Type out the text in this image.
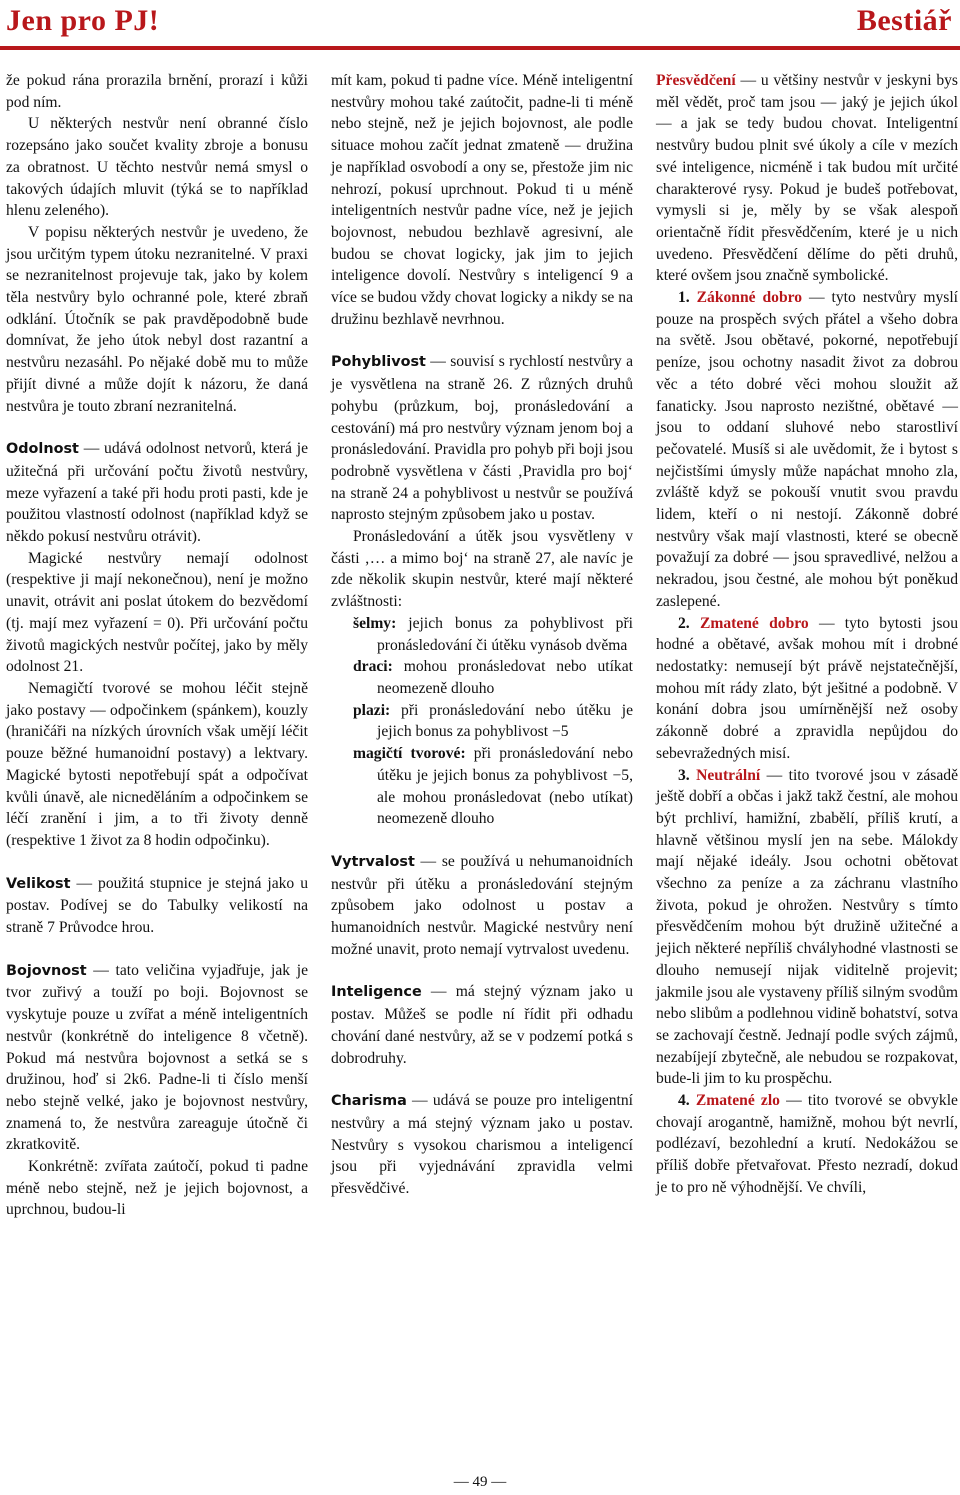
Jen pro PJ!	Bestiář

že pokud rána prorazila brnění, prorazí i kůži pod ním.

U některých nestvůr není obranné číslo rozepsáno jako součet kvality zbroje a bonusu za obratnost. U těchto nestvůr nemá smysl o takových údajích mluvit (týká se to například hlenu zeleného).

V popisu některých nestvůr je uvedeno, že jsou určitým typem útoku nezranitelné. V praxi se nezranitelnost projevuje tak, jako by kolem těla nestvůry bylo ochranné pole, které zbraň odklání. Útočník se pak pravděpodobně bude domnívat, že jeho útok nebyl dost razantní a nestvůru nezasáhl. Po nějaké době mu to může přijít divné a může dojít k názoru, že daná nestvůra je touto zbraní nezranitelná.

Odolnost — udává odolnost netvorů, která je užitečná při určování počtu životů nestvůry, meze vyřazení a také při hodu proti pasti, kde je použitou vlastností odolnost (například když se někdo pokusí nestvůru otrávit).

Magické nestvůry nemají odolnost (respektive ji mají nekonečnou), není je možno unavit, otrávit ani poslat útokem do bezvědomí (tj. mají mez vyřazení = 0). Při určování počtu životů magických nestvůr počítej, jako by měly odolnost 21.

Nemagičtí tvorové se mohou léčit stejně jako postavy — odpočinkem (spánkem), kouzly (hraničáři na nízkých úrovních však umějí léčit pouze běžné humanoidní postavy) a lektvary. Magické bytosti nepotřebují spát a odpočívat kvůli únavě, ale nicneděláním a odpočinkem se léčí zranění i jim, a to tři životy denně (respektive 1 život za 8 hodin odpočinku).

Velikost — použitá stupnice je stejná jako u postav. Podívej se do Tabulky velikostí na straně 7 Průvodce hrou.

Bojovnost — tato veličina vyjadřuje, jak je tvor zuřivý a touží po boji. Bojovnost se vyskytuje pouze u zvířat a méně inteligentních nestvůr (konkrétně do inteligence 8 včetně). Pokud má nestvůra bojovnost a setká se s družinou, hoď si 2k6. Padne-li ti číslo menší nebo stejně velké, jako je bojovnost nestvůry, znamená to, že nestvůra zareaguje útočně či zkratkovitě.

Konkrétně: zvířata zaútočí, pokud ti padne méně nebo stejně, než je jejich bojovnost, a uprchnou, budou-li

mít kam, pokud ti padne více. Méně inteligentní nestvůry mohou také zaútočit, padne-li ti méně nebo stejně, než je jejich bojovnost, ale podle situace mohou začít jednat zmateně — družina je například osvobodí a ony se, přestože jim nic nehrozí, pokusí uprchnout. Pokud ti u méně inteligentních nestvůr padne více, než je jejich bojovnost, nebudou bezhlavě agresivní, ale budou se chovat logicky, jak jim to jejich inteligence dovolí. Nestvůry s inteligencí 9 a více se budou vždy chovat logicky a nikdy se na družinu bezhlavě nevrhnou.

Pohyblivost — souvisí s rychlostí nestvůry a je vysvětlena na straně 26. Z různých druhů pohybu (průzkum, boj, pronásledování a cestování) má pro nestvůry význam jenom boj a pronásledování. Pravidla pro pohyb při boji jsou podrobně vysvětlena v části ‚Pravidla pro boj‘ na straně 24 a pohyblivost u nestvůr se používá naprosto stejným způsobem jako u postav.

Pronásledování a útěk jsou vysvětleny v části ‚… a mimo boj‘ na straně 27, ale navíc je zde několik skupin nestvůr, které mají některé zvláštnosti:

šelmy: jejich bonus za pohyblivost při pronásledování či útěku vynásob dvěma

draci: mohou pronásledovat nebo utíkat neomezeně dlouho

plazi: při pronásledování nebo útěku je jejich bonus za pohyblivost −5

magičtí tvorové: při pronásledování nebo útěku je jejich bonus za pohyblivost −5, ale mohou pronásledovat (nebo utíkat) neomezeně dlouho

Vytrvalost — se používá u nehumanoidních nestvůr při útěku a pronásledování stejným způsobem jako odolnost u postav a humanoidních nestvůr. Magické nestvůry není možné unavit, proto nemají vytrvalost uvedenu.

Inteligence — má stejný význam jako u postav. Můžeš se podle ní řídit při odhadu chování dané nestvůry, až se v podzemí potká s dobrodruhy.

Charisma — udává se pouze pro inteligentní nestvůry a má stejný význam jako u postav. Nestvůry s vysokou charismou a inteligencí jsou při vyjednávání zpravidla velmi přesvědčivé.

Přesvědčení — u většiny nestvůr v jeskyni bys měl vědět, proč tam jsou — jaký je jejich úkol — a jak se tedy budou chovat. Inteligentní nestvůry budou plnit své úkoly a cíle v mezích své inteligence, nicméně i tak budou mít určité charakterové rysy. Pokud je budeš potřebovat, vymysli si je, měly by se však alespoň orientačně řídit přesvědčením, které je u nich uvedeno. Přesvědčení dělíme do pěti druhů, které ovšem jsou značně symbolické.

1. Zákonné dobro — tyto nestvůry myslí pouze na prospěch svých přátel a všeho dobra na světě. Jsou obětavé, pokorné, nepotřebují peníze, jsou ochotny nasadit život za dobrou věc a této dobré věci mohou sloužit až fanaticky. Jsou naprosto nezištné, obětavé — jsou to oddaní sluhové nebo starostliví pečovatelé. Musíš si ale uvědomit, že i bytost s nejčistšími úmysly může napáchat mnoho zla, zvláště když se pokouší vnutit svou pravdu lidem, kteří o ni nestojí. Zákonně dobré nestvůry však mají vlastnosti, které se obecně považují za dobré — jsou spravedlivé, nelžou a nekradou, jsou čestné, ale mohou být poněkud zaslepené.

2. Zmatené dobro — tyto bytosti jsou hodné a obětavé, avšak mohou mít i drobné nedostatky: nemusejí být právě nejstatečnější, mohou mít rády zlato, být ješitné a podobně. V konání dobra jsou umírněnější než osoby zákonně dobré a zpravidla nepůjdou do sebevražedných misí.

3. Neutrální — tito tvorové jsou v zásadě ještě dobří a občas i jakž takž čestní, ale mohou být prchliví, hamižní, zbabělí, příliš krutí, a hlavně většinou myslí jen na sebe. Málokdy mají nějaké ideály. Jsou ochotni obětovat všechno za peníze a za záchranu vlastního života, pokud je ohrožen. Nestvůry s tímto přesvědčením mohou být družině užitečné a jejich některé nepříliš chvályhodné vlastnosti se dlouho nemusejí nijak viditelně projevit; jakmile jsou ale vystaveny příliš silným svodům nebo slibům a podlehnou vidině bohatství, sotva se zachovají čestně. Jednají podle svých zájmů, nezabíjejí zbytečně, ale nebudou se rozpakovat, bude-li jim to ku prospěchu.

4. Zmatené zlo — tito tvorové se obvykle chovají arogantně, hamižně, mohou být nevrlí, podlézaví, bezohlední a krutí. Nedokážou se příliš dobře přetvařovat. Přesto nezradí, dokud je to pro ně výhodnější. Ve chvíli,

— 49 —
